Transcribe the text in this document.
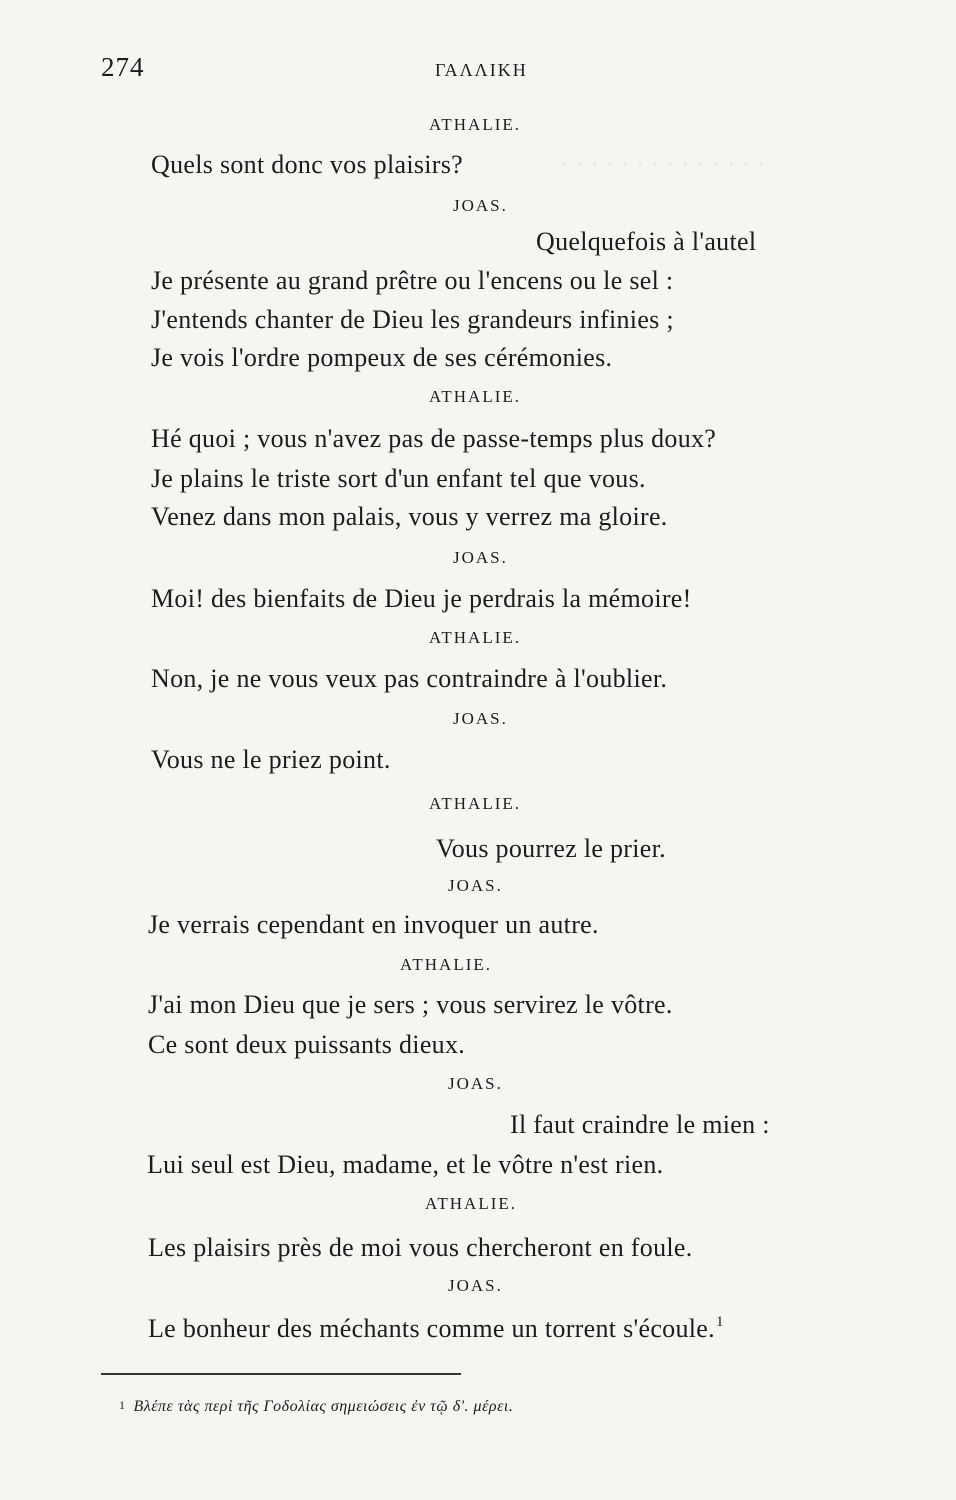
· · · · · · · · · · · · · ·
274	ΓΑΛΛΙΚΗ
ATHALIE.
Quels sont donc vos plaisirs?
JOAS.
Quelquefois à l'autel
Je présente au grand prêtre ou l'encens ou le sel :
J'entends chanter de Dieu les grandeurs infinies ;
Je vois l'ordre pompeux de ses cérémonies.
ATHALIE.
Hé quoi ; vous n'avez pas de passe-temps plus doux?
Je plains le triste sort d'un enfant tel que vous.
Venez dans mon palais, vous y verrez ma gloire.
JOAS.
Moi! des bienfaits de Dieu je perdrais la mémoire!
ATHALIE.
Non, je ne vous veux pas contraindre à l'oublier.
JOAS.
Vous ne le priez point.
ATHALIE.
Vous pourrez le prier.
JOAS.
Je verrais cependant en invoquer un autre.
ATHALIE.
J'ai mon Dieu que je sers ; vous servirez le vôtre.
Ce sont deux puissants dieux.
JOAS.
Il faut craindre le mien :
Lui seul est Dieu, madame, et le vôtre n'est rien.
ATHALIE.
Les plaisirs près de moi vous chercheront en foule.
JOAS.
Le bonheur des méchants comme un torrent s'écoule.$^1$
$^1$ Βλέπε τὰς περὶ τῆς Γοδολίας σημειώσεις ἐν τῷ δ'. μέρει.
